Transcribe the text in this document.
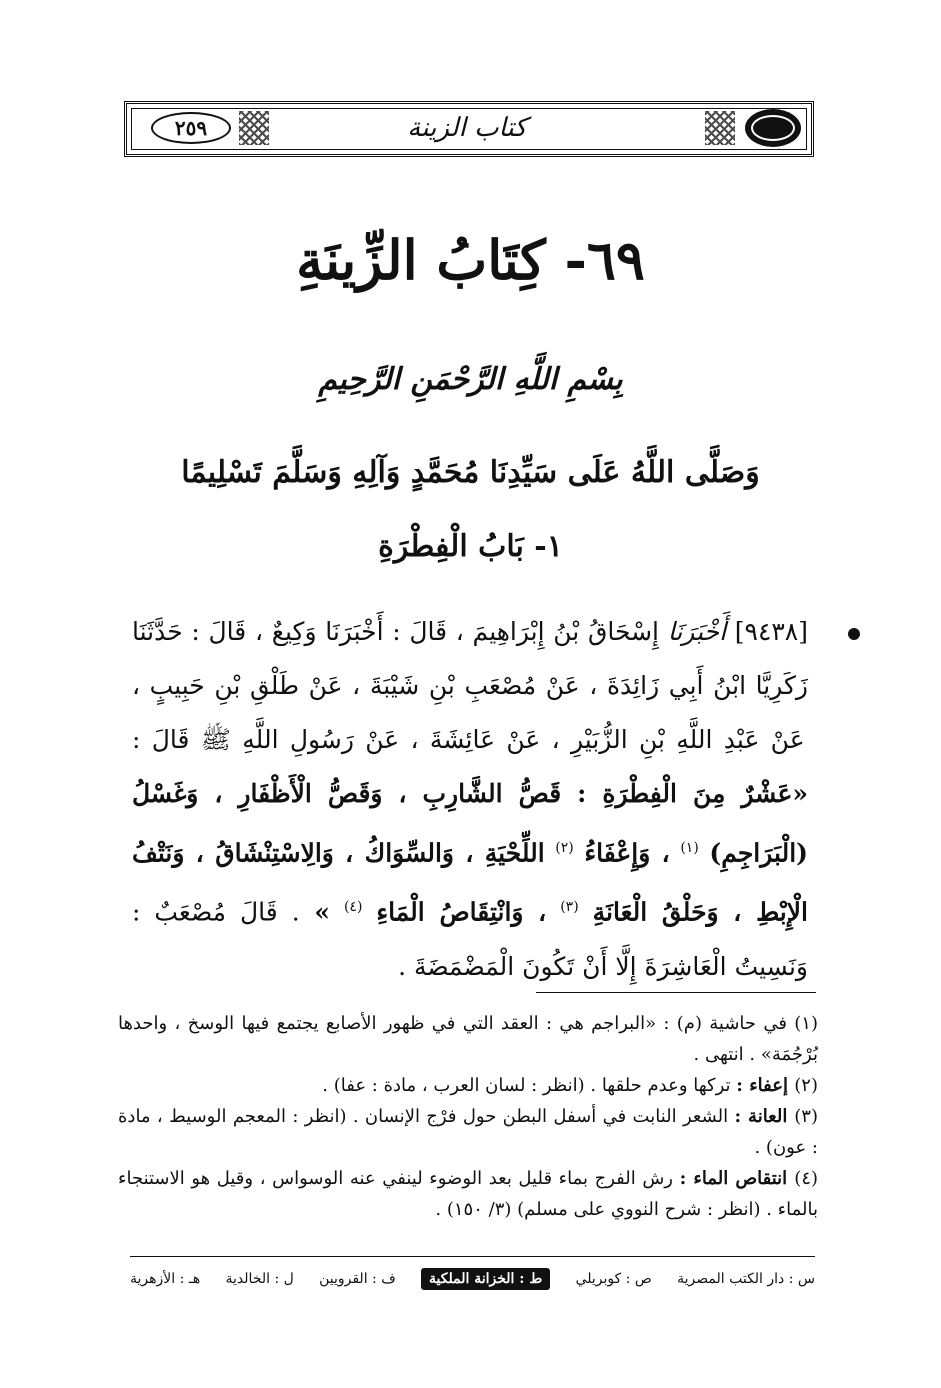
٢٥٩	كتاب الزينة
٦٩- كِتَابُ الزِّينَةِ
بِسْمِ اللَّهِ الرَّحْمَنِ الرَّحِيمِ
وَصَلَّى اللَّهُ عَلَى سَيِّدِنَا مُحَمَّدٍ وَآلِهِ وَسَلَّمَ تَسْلِيمًا
١- بَابُ الْفِطْرَةِ
[٩٤٣٨] أَخْبَرَنَا إِسْحَاقُ بْنُ إِبْرَاهِيمَ ، قَالَ : أَخْبَرَنَا وَكِيعٌ ، قَالَ : حَدَّثَنَا زَكَرِيَّا ابْنُ أَبِي زَائِدَةَ ، عَنْ مُصْعَبِ بْنِ شَيْبَةَ ، عَنْ طَلْقِ بْنِ حَبِيبٍ ، عَنْ عَبْدِ اللَّهِ بْنِ الزُّبَيْرِ ، عَنْ عَائِشَةَ ، عَنْ رَسُولِ اللَّهِ ﷺ قَالَ : «عَشْرٌ مِنَ الْفِطْرَةِ : قَصُّ الشَّارِبِ ، وَقَصُّ الْأَظْفَارِ ، وَغَسْلُ (الْبَرَاجِمِ) $^{(١)}$ ، وَإِعْفَاءُ $^{(٢)}$ اللِّحْيَةِ ، وَالسِّوَاكُ ، وَالِاسْتِنْشَاقُ ، وَنَتْفُ الْإِبْطِ ، وَحَلْقُ الْعَانَةِ $^{(٣)}$ ، وَانْتِقَاصُ الْمَاءِ $^{(٤)}$ » . قَالَ مُصْعَبٌ : وَنَسِيتُ الْعَاشِرَةَ إِلَّا أَنْ تَكُونَ الْمَضْمَضَةَ .

(١) في حاشية (م) : «البراجم هي : العقد التي في ظهور الأصابع يجتمع فيها الوسخ ، واحدها بُرْجُمَة» . انتهى .

(٢) إعفاء : تركها وعدم حلقها . (انظر : لسان العرب ، مادة : عفا) .

(٣) العانة : الشعر النابت في أسفل البطن حول فرْج الإنسان . (انظر : المعجم الوسيط ، مادة : عون) .

(٤) انتقاص الماء : رش الفرج بماء قليل بعد الوضوء لينفي عنه الوسواس ، وقيل هو الاستنجاء بالماء . (انظر : شرح النووي على مسلم) (٣/ ١٥٠) .

س : دار الكتب المصرية
ص : كوبريلي
ط : الخزانة الملكية
ف : القرويين
ل : الخالدية
هـ : الأزهرية
